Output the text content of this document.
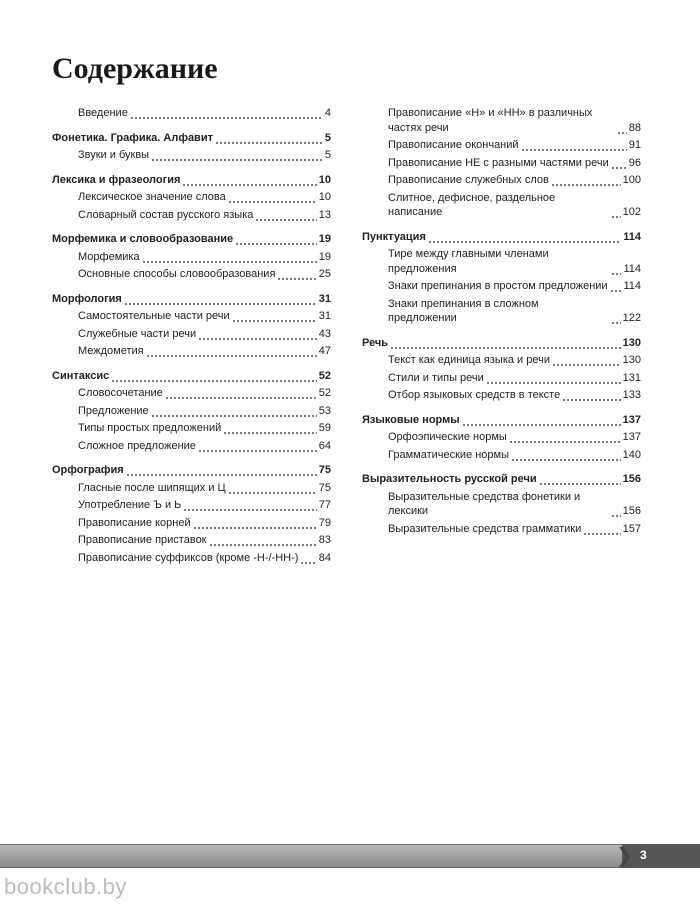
Содержание
Введение	4
Фонетика. Графика. Алфавит	5
Звуки и буквы	5
Лексика и фразеология	10
Лексическое значение слова	10
Словарный состав русского языка	13
Морфемика и словообразование	19
Морфемика	19
Основные способы словообразования	25
Морфология	31
Самостоятельные части речи	31
Служебные части речи	43
Междометия	47
Синтаксис	52
Словосочетание	52
Предложение	53
Типы простых предложений	59
Сложное предложение	64
Орфография	75
Гласные после шипящих и Ц	75
Употребление Ъ и Ь	77
Правописание корней	79
Правописание приставок	83
Правописание суффиксов (кроме -Н-/-НН-) 84
Правописание «Н» и «НН» в различных частях речи	88
Правописание окончаний	91
Правописание НЕ с разными частями речи 96
Правописание служебных слов	100
Слитное, дефисное, раздельное написание	102
Пунктуация	114
Тире между главными членами предложения	114
Знаки препинания в простом предложении 114
Знаки препинания в сложном предложении	122
Речь	130
Текст как единица языка и речи	130
Стили и типы речи	131
Отбор языковых средств в тексте	133
Языковые нормы	137
Орфоэпические нормы	137
Грамматические нормы	140
Выразительность русской речи	156
Выразительные средства фонетики и лексики	156
Выразительные средства грамматики	157
❯ 3
bookclub.by
